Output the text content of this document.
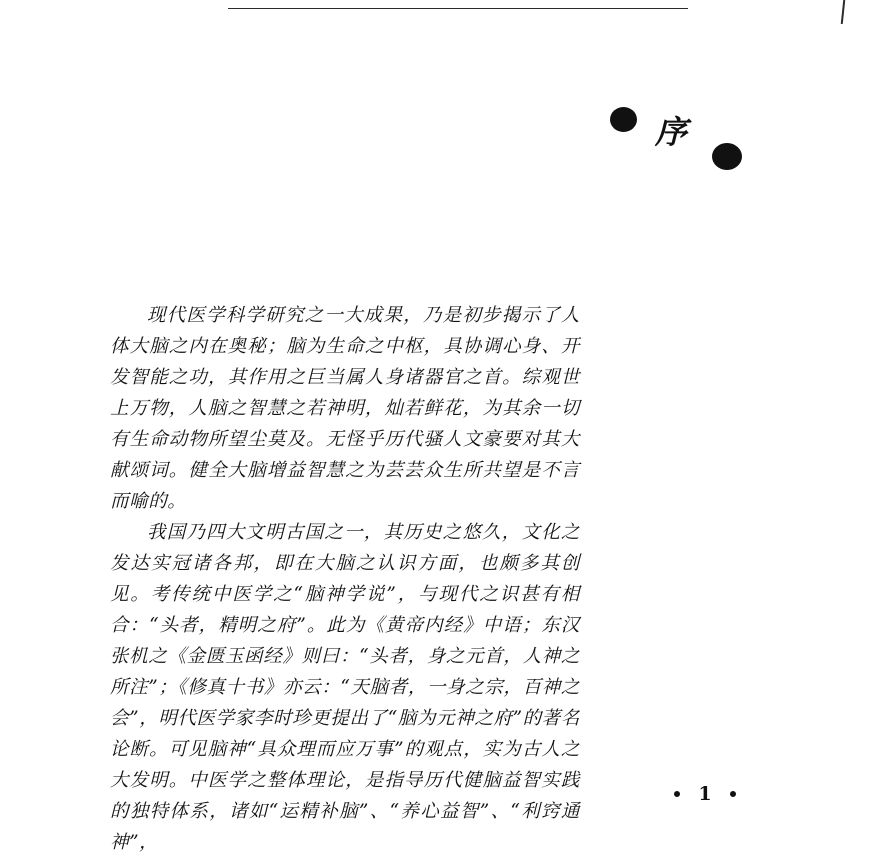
序

现代医学科学研究之一大成果，乃是初步揭示了人体大脑之内在奥秘；脑为生命之中枢，具协调心身、开发智能之功，其作用之巨当属人身诸器官之首。综观世上万物，人脑之智慧之若神明，灿若鲜花，为其余一切有生命动物所望尘莫及。无怪乎历代骚人文豪要对其大献颂词。健全大脑增益智慧之为芸芸众生所共望是不言而喻的。

我国乃四大文明古国之一，其历史之悠久，文化之发达实冠诸各邦，即在大脑之认识方面，也颇多其创见。考传统中医学之“脑神学说”，与现代之识甚有相合：“头者，精明之府”。此为《黄帝内经》中语；东汉张机之《金匮玉函经》则曰：“头者，身之元首，人神之所注”；《修真十书》亦云：“天脑者，一身之宗，百神之会”，明代医学家李时珍更提出了“脑为元神之府”的著名论断。可见脑神“具众理而应万事”的观点，实为古人之大发明。中医学之整体理论，是指导历代健脑益智实践的独特体系，诸如“运精补脑”、“养心益智”、“利窍通神”，

1
